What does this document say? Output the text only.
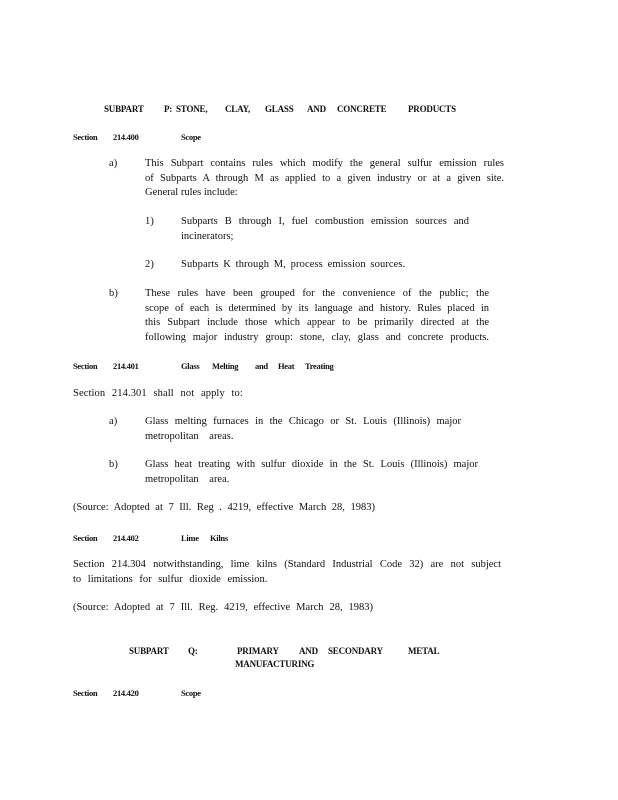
SUBPART P: STONE, CLAY, GLASS AND CONCRETE PRODUCTS
Section 214.400	Scope
a)	This Subpart contains rules which modify the general sulfur emission rules
of Subparts A through M as applied to a given industry or at a given site.
General rules include:
1)	Subparts B through I, fuel combustion emission sources and
incinerators;
2)	Subparts K through M, process emission sources.
b)	These rules have been grouped for the convenience of the public; the
scope of each is determined by its language and history. Rules placed in
this Subpart include those which appear to be primarily directed at the
following major industry group: stone, clay, glass and concrete products.
Section 214.401	Glass Melting and Heat Treating
Section 214.301 shall not apply to:
a)	Glass melting furnaces in the Chicago or St. Louis (Illinois) major
metropolitan areas.
b)	Glass heat treating with sulfur dioxide in the St. Louis (Illinois) major
metropolitan area.
(Source: Adopted at 7 Ill. Reg . 4219, effective March 28, 1983)
Section 214.402	Lime Kilns
Section 214.304 notwithstanding, lime kilns (Standard Industrial Code 32) are not subject
to limitations for sulfur dioxide emission.
(Source: Adopted at 7 Ill. Reg. 4219, effective March 28, 1983)
SUBPART Q:	PRIMARY AND SECONDARY	METAL
MANUFACTURING
Section 214.420	Scope
